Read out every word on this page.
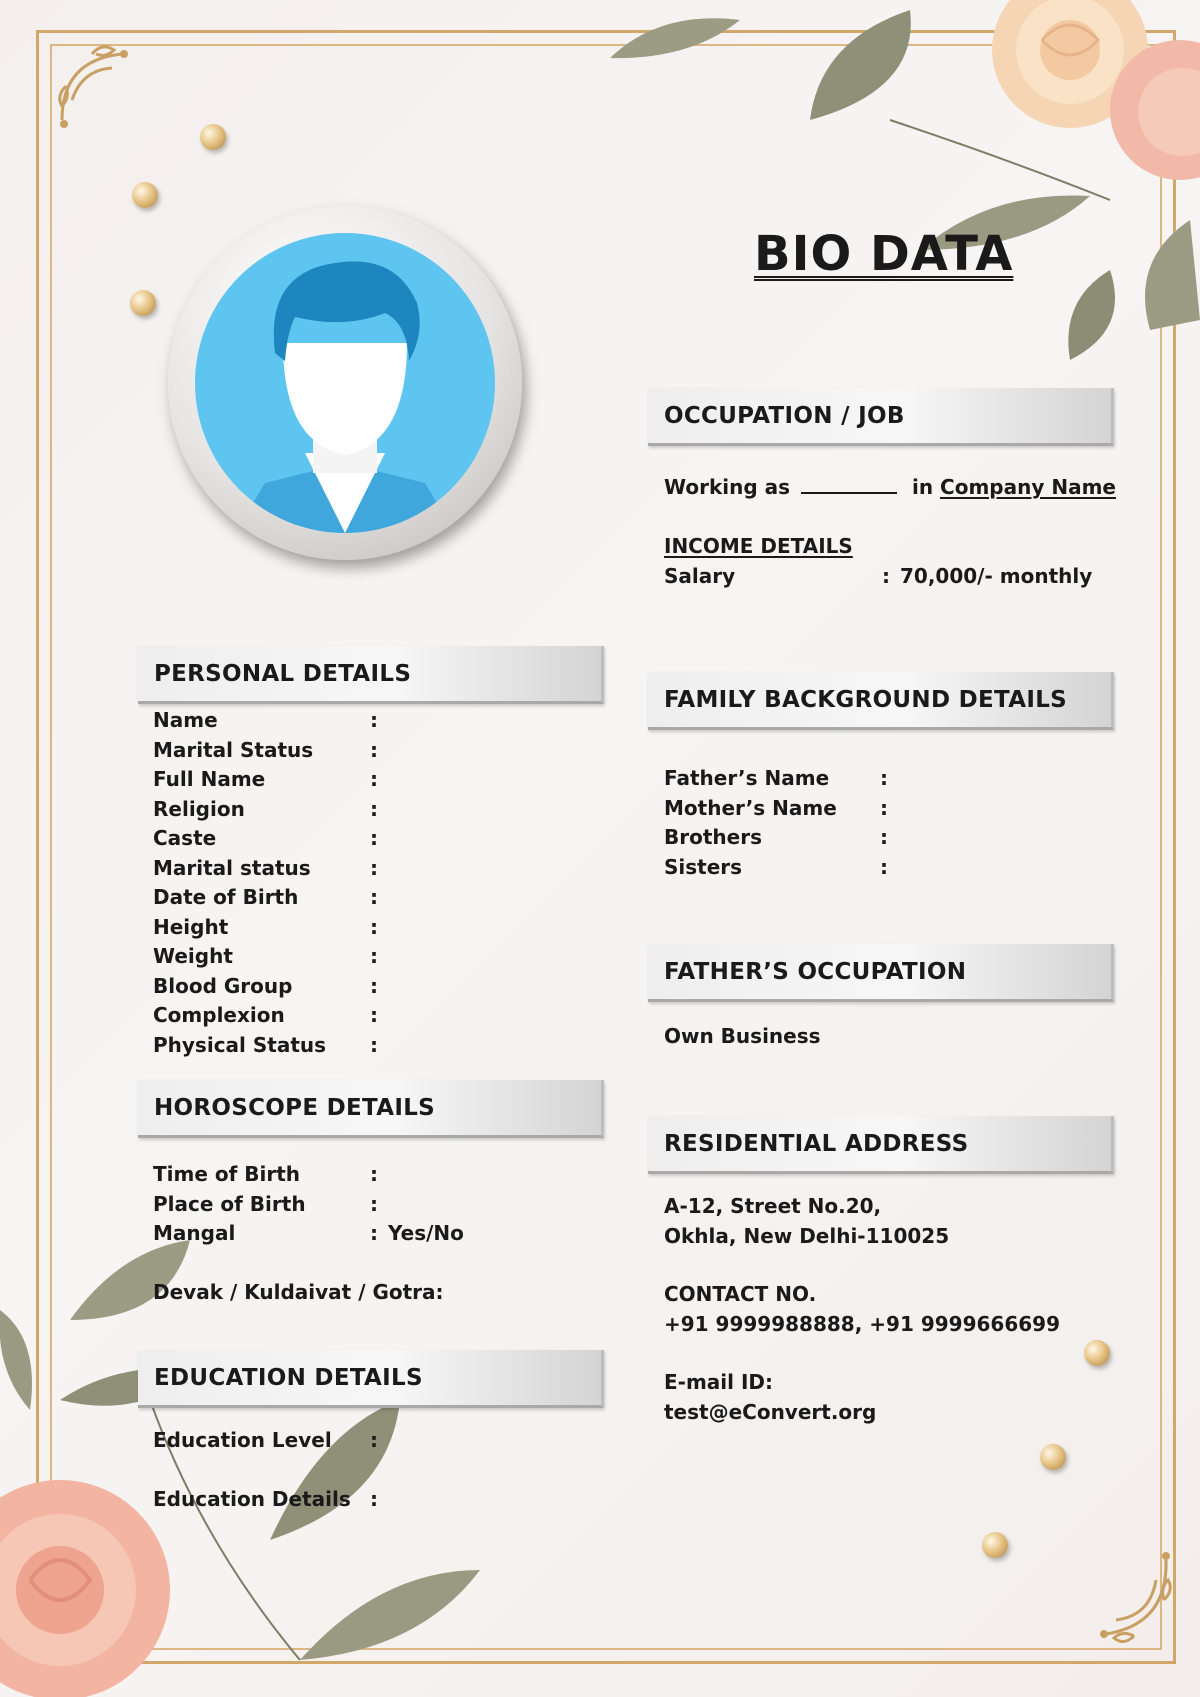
BIO DATA
OCCUPATION / JOB
Working as	in Company Name
INCOME DETAILS
Salary	: 70,000/- monthly
PERSONAL DETAILS
Name	:
Marital Status	:
Full Name	:
Religion	:
Caste	:
Marital status	:
Date of Birth	:
Height	:
Weight	:
Blood Group	:
Complexion	:
Physical Status :
HOROSCOPE DETAILS
Time of Birth	:
Place of Birth	:
Mangal	: Yes/No
Devak / Kuldaivat / Gotra:
EDUCATION DETAILS
Education Level :
Education Details :
FAMILY BACKGROUND DETAILS
Father’s Name	:
Mother’s Name :
Brothers	:
Sisters	:
FATHER’S OCCUPATION
Own Business
RESIDENTIAL ADDRESS
A-12, Street No.20,
Okhla, New Delhi-110025
CONTACT NO.
+91 9999988888, +91 9999666699
E-mail ID:
test@eConvert.org
